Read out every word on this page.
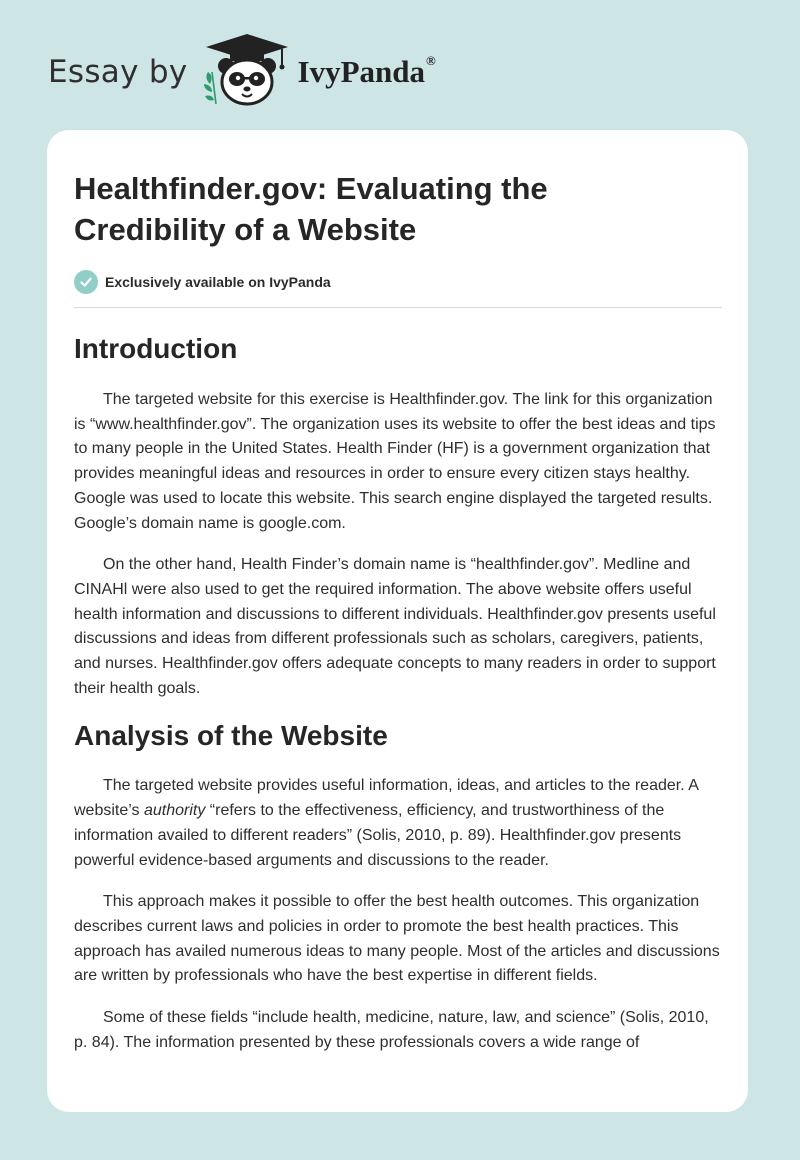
Essay by	IvyPanda®
Healthfinder.gov: Evaluating the Credibility of a Website
Exclusively available on IvyPanda
Introduction

The targeted website for this exercise is Healthfinder.gov. The link for this organization is “www.healthfinder.gov”. The organization uses its website to offer the best ideas and tips to many people in the United States. Health Finder (HF) is a government organization that provides meaningful ideas and resources in order to ensure every citizen stays healthy. Google was used to locate this website. This search engine displayed the targeted results. Google’s domain name is google.com.

On the other hand, Health Finder’s domain name is “healthfinder.gov”. Medline and CINAHl were also used to get the required information. The above website offers useful health information and discussions to different individuals. Healthfinder.gov presents useful discussions and ideas from different professionals such as scholars, caregivers, patients, and nurses. Healthfinder.gov offers adequate concepts to many readers in order to support their health goals.

Analysis of the Website

The targeted website provides useful information, ideas, and articles to the reader. A website’s authority “refers to the effectiveness, efficiency, and trustworthiness of the information availed to different readers” (Solis, 2010, p. 89). Healthfinder.gov presents powerful evidence-based arguments and discussions to the reader.

This approach makes it possible to offer the best health outcomes. This organization describes current laws and policies in order to promote the best health practices. This approach has availed numerous ideas to many people. Most of the articles and discussions are written by professionals who have the best expertise in different fields.

Some of these fields “include health, medicine, nature, law, and science” (Solis, 2010, p. 84). The information presented by these professionals covers a wide range of
